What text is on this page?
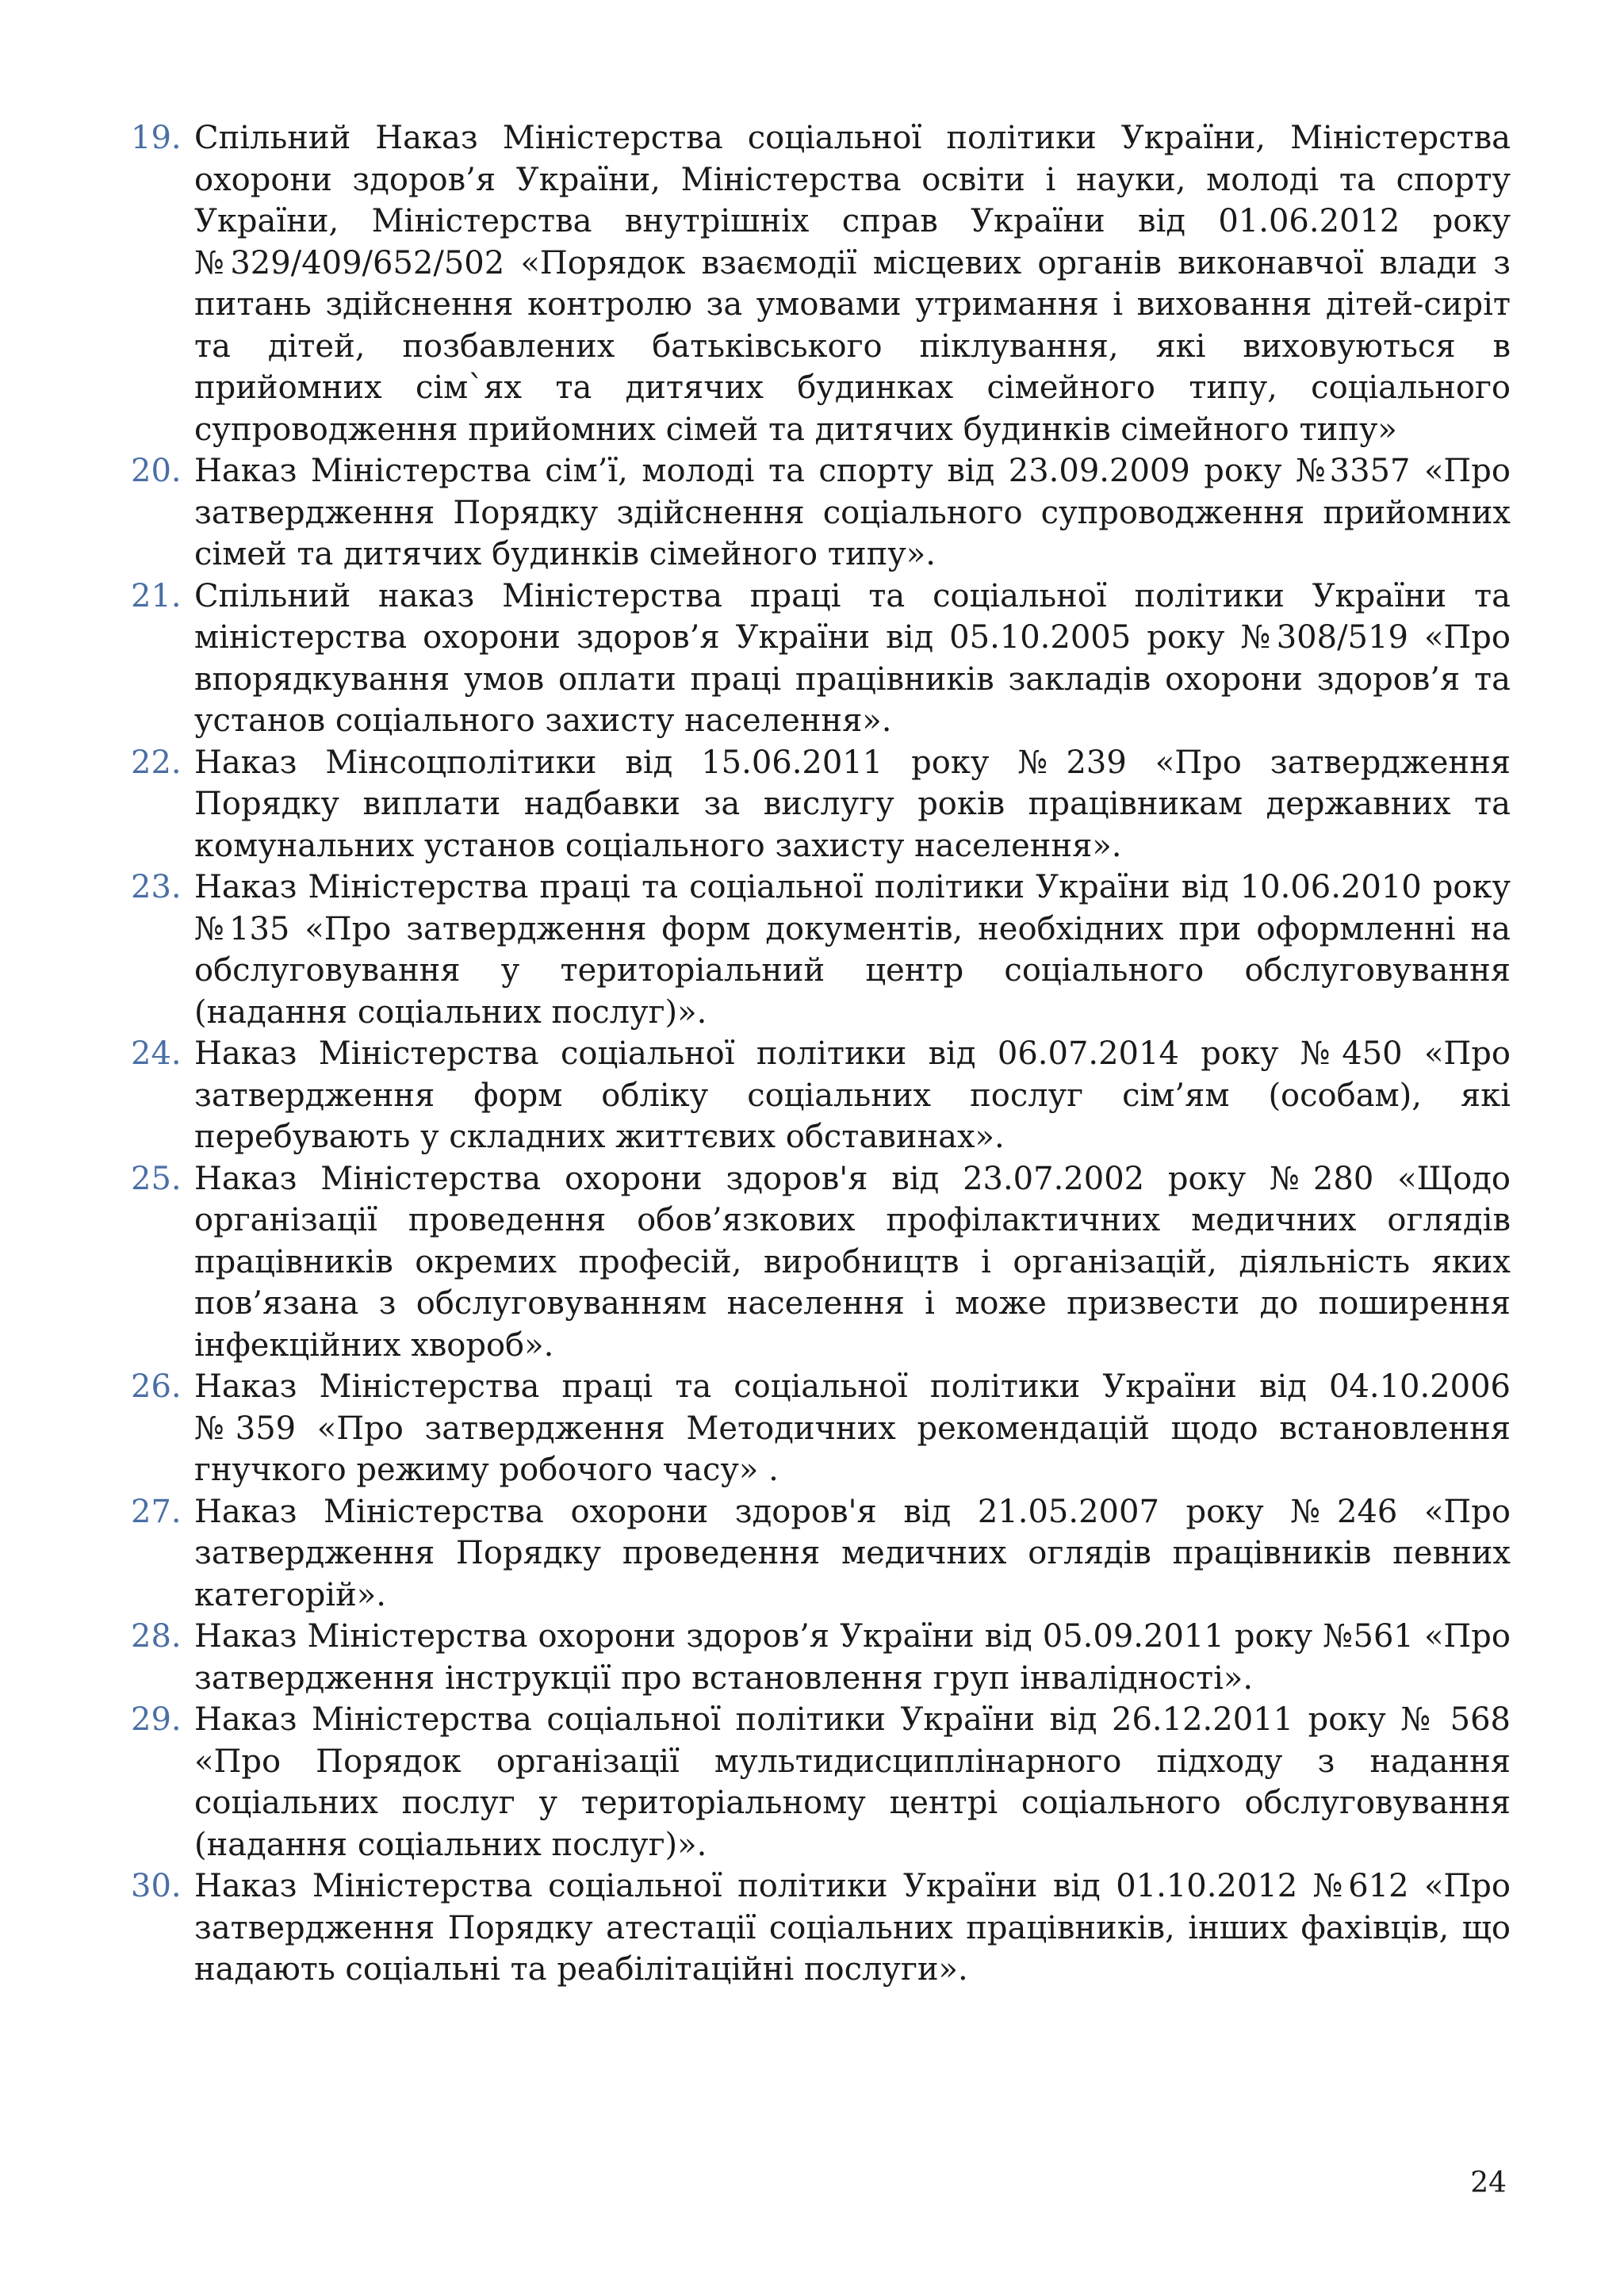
19. Спільний Наказ Міністерства соціальної політики України, Міністерства охорони здоров’я України, Міністерства освіти і науки, молоді та спорту України, Міністерства внутрішніх справ України від 01.06.2012 року №329/409/652/502 «Порядок взаємодії місцевих органів виконавчої влади з питань здійснення контролю за умовами утримання і виховання дітей-сиріт та дітей, позбавлених батьківського піклування, які виховуються в прийомних сім`ях та дитячих будинках сімейного типу, соціального супроводження прийомних сімей та дитячих будинків сімейного типу»
20. Наказ Міністерства сім’ї, молоді та спорту від 23.09.2009 року №3357 «Про затвердження Порядку здійснення соціального супроводження прийомних сімей та дитячих будинків сімейного типу».
21. Спільний наказ Міністерства праці та соціальної політики України та міністерства охорони здоров’я України від 05.10.2005 року №308/519 «Про впорядкування умов оплати праці працівників закладів охорони здоров’я та установ соціального захисту населення».
22. Наказ Мінсоцполітики від 15.06.2011 року №239 «Про затвердження Порядку виплати надбавки за вислугу років працівникам державних та комунальних установ соціального захисту населення».
23. Наказ Міністерства праці та соціальної політики України від 10.06.2010 року №135 «Про затвердження форм документів, необхідних при оформленні на обслуговування у територіальний центр соціального обслуговування (надання соціальних послуг)».
24. Наказ Міністерства соціальної політики від 06.07.2014 року №450 «Про затвердження форм обліку соціальних послуг сім’ям (особам), які перебувають у складних життєвих обставинах».
25. Наказ Міністерства охорони здоров'я від 23.07.2002 року №280 «Щодо організації проведення обов’язкових профілактичних медичних оглядів працівників окремих професій, виробництв і організацій, діяльність яких пов’язана з обслуговуванням населення і може призвести до поширення інфекційних хвороб».
26. Наказ Міністерства праці та соціальної політики України від 04.10.2006 №359 «Про затвердження Методичних рекомендацій щодо встановлення гнучкого режиму робочого часу» .
27. Наказ Міністерства охорони здоров'я від 21.05.2007 року №246 «Про затвердження Порядку проведення медичних оглядів працівників певних категорій».
28. Наказ Міністерства охорони здоров’я України від 05.09.2011 року №561 «Про затвердження інструкції про встановлення груп інвалідності».
29. Наказ Міністерства соціальної політики України від 26.12.2011 року № 568 «Про Порядок організації мультидисциплінарного підходу з надання соціальних послуг у територіальному центрі соціального обслуговування (надання соціальних послуг)».
30. Наказ Міністерства соціальної політики України від 01.10.2012 №612 «Про затвердження Порядку атестації соціальних працівників, інших фахівців, що надають соціальні та реабілітаційні послуги».
24
